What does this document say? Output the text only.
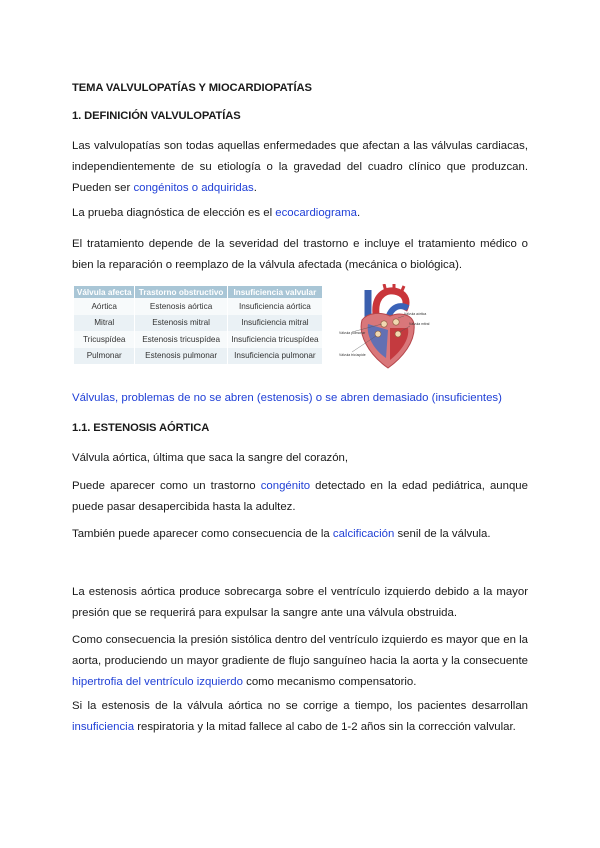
TEMA VALVULOPATÍAS Y MIOCARDIOPATÍAS
1. DEFINICIÓN VALVULOPATÍAS

Las valvulopatías son todas aquellas enfermedades que afectan a las válvulas cardiacas, independientemente de su etiología o la gravedad del cuadro clínico que produzcan. Pueden ser congénitos o adquiridas.

La prueba diagnóstica de elección es el ecocardiograma.

El tratamiento depende de la severidad del trastorno e incluye el tratamiento médico o bien la reparación o reemplazo de la válvula afectada (mecánica o biológica).

Válvula afecta	Trastorno obstructivo	Insuficiencia valvular
Aórtica	Estenosis aórtica	Insuficiencia aórtica
Mitral	Estenosis mitral	Insuficiencia mitral
Tricuspídea	Estenosis tricuspídea	Insuficiencia tricuspídea
Pulmonar	Estenosis pulmonar	Insuficiencia pulmonar
Válvula aórtica
Válvula mitral
Válvula pulmonar
Válvula tricúspide

Válvulas, problemas de no se abren (estenosis) o se abren demasiado (insuficientes)

1.1. ESTENOSIS AÓRTICA

Válvula aórtica, última que saca la sangre del corazón,

Puede aparecer como un trastorno congénito detectado en la edad pediátrica, aunque puede pasar desapercibida hasta la adultez.

También puede aparecer como consecuencia de la calcificación senil de la válvula.

La estenosis aórtica produce sobrecarga sobre el ventrículo izquierdo debido a la mayor presión que se requerirá para expulsar la sangre ante una válvula obstruida.

Como consecuencia la presión sistólica dentro del ventrículo izquierdo es mayor que en la aorta, produciendo un mayor gradiente de flujo sanguíneo hacia la aorta y la consecuente hipertrofia del ventrículo izquierdo como mecanismo compensatorio.

Si la estenosis de la válvula aórtica no se corrige a tiempo, los pacientes desarrollan insuficiencia respiratoria y la mitad fallece al cabo de 1-2 años sin la corrección valvular.
